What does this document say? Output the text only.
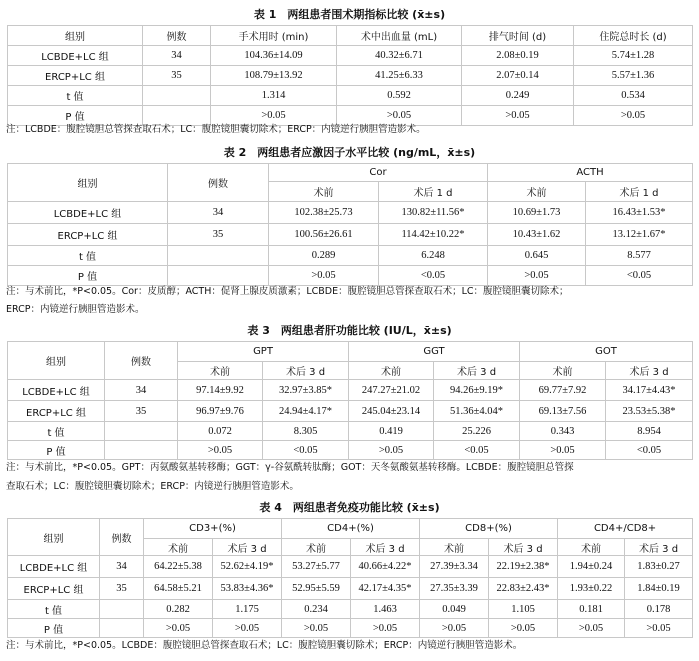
表 1　两组患者围术期指标比较 (x̄±s)
组别	例数	手术用时 (min)	术中出血量 (mL)	排气时间 (d)	住院总时长 (d)
LCBDE+LC 组	34	104.36±14.09	40.32±6.71	2.08±0.19	5.74±1.28
ERCP+LC 组	35	108.79±13.92	41.25±6.33	2.07±0.14	5.57±1.36
t 值		1.314	0.592	0.249	0.534
P 值		>0.05	>0.05	>0.05	>0.05
注：LCBDE：腹腔镜胆总管探查取石术；LC：腹腔镜胆囊切除术；ERCP：内镜逆行胰胆管造影术。
表 2　两组患者应激因子水平比较 (ng/mL，x̄±s)
组别	例数	Cor		ACTH	
		术前	术后 1 d	术前	术后 1 d
LCBDE+LC 组	34	102.38±25.73	130.82±11.56*	10.69±1.73	16.43±1.53*
ERCP+LC 组	35	100.56±26.61	114.42±10.22*	10.43±1.62	13.12±1.67*
t 值		0.289	6.248	0.645	8.577
P 值		>0.05	<0.05	>0.05	<0.05
注：与术前比，*P<0.05。Cor：皮质醇；ACTH：促肾上腺皮质激素；LCBDE：腹腔镜胆总管探查取石术；LC：腹腔镜胆囊切除术；
ERCP：内镜逆行胰胆管造影术。
表 3　两组患者肝功能比较 (IU/L，x̄±s)
组别	例数	GPT		GGT		GOT	
		术前	术后 3 d	术前	术后 3 d	术前	术后 3 d
LCBDE+LC 组	34	97.14±9.92	32.97±3.85*	247.27±21.02	94.26±9.19*	69.77±7.92	34.17±4.43*
ERCP+LC 组	35	96.97±9.76	24.94±4.17*	245.04±23.14	51.36±4.04*	69.13±7.56	23.53±5.38*
t 值		0.072	8.305	0.419	25.226	0.343	8.954
P 值		>0.05	<0.05	>0.05	<0.05	>0.05	<0.05
注：与术前比，*P<0.05。GPT：丙氨酸氨基转移酶；GGT：γ-谷氨酰转肽酶；GOT：天冬氨酸氨基转移酶。LCBDE：腹腔镜胆总管探
查取石术；LC：腹腔镜胆囊切除术；ERCP：内镜逆行胰胆管造影术。
表 4　两组患者免疫功能比较 (x̄±s)
组别	例数	CD3+(%)		CD4+(%)		CD8+(%)		CD4+/CD8+	
		术前	术后 3 d	术前	术后 3 d	术前	术后 3 d	术前	术后 3 d
LCBDE+LC 组	34	64.22±5.38	52.62±4.19*	53.27±5.77	40.66±4.22*	27.39±3.34	22.19±2.38*	1.94±0.24	1.83±0.27
ERCP+LC 组	35	64.58±5.21	53.83±4.36*	52.95±5.59	42.17±4.35*	27.35±3.39	22.83±2.43*	1.93±0.22	1.84±0.19
t 值		0.282	1.175	0.234	1.463	0.049	1.105	0.181	0.178
P 值		>0.05	>0.05	>0.05	>0.05	>0.05	>0.05	>0.05	>0.05
注：与术前比，*P<0.05。LCBDE：腹腔镜胆总管探查取石术；LC：腹腔镜胆囊切除术；ERCP：内镜逆行胰胆管造影术。
